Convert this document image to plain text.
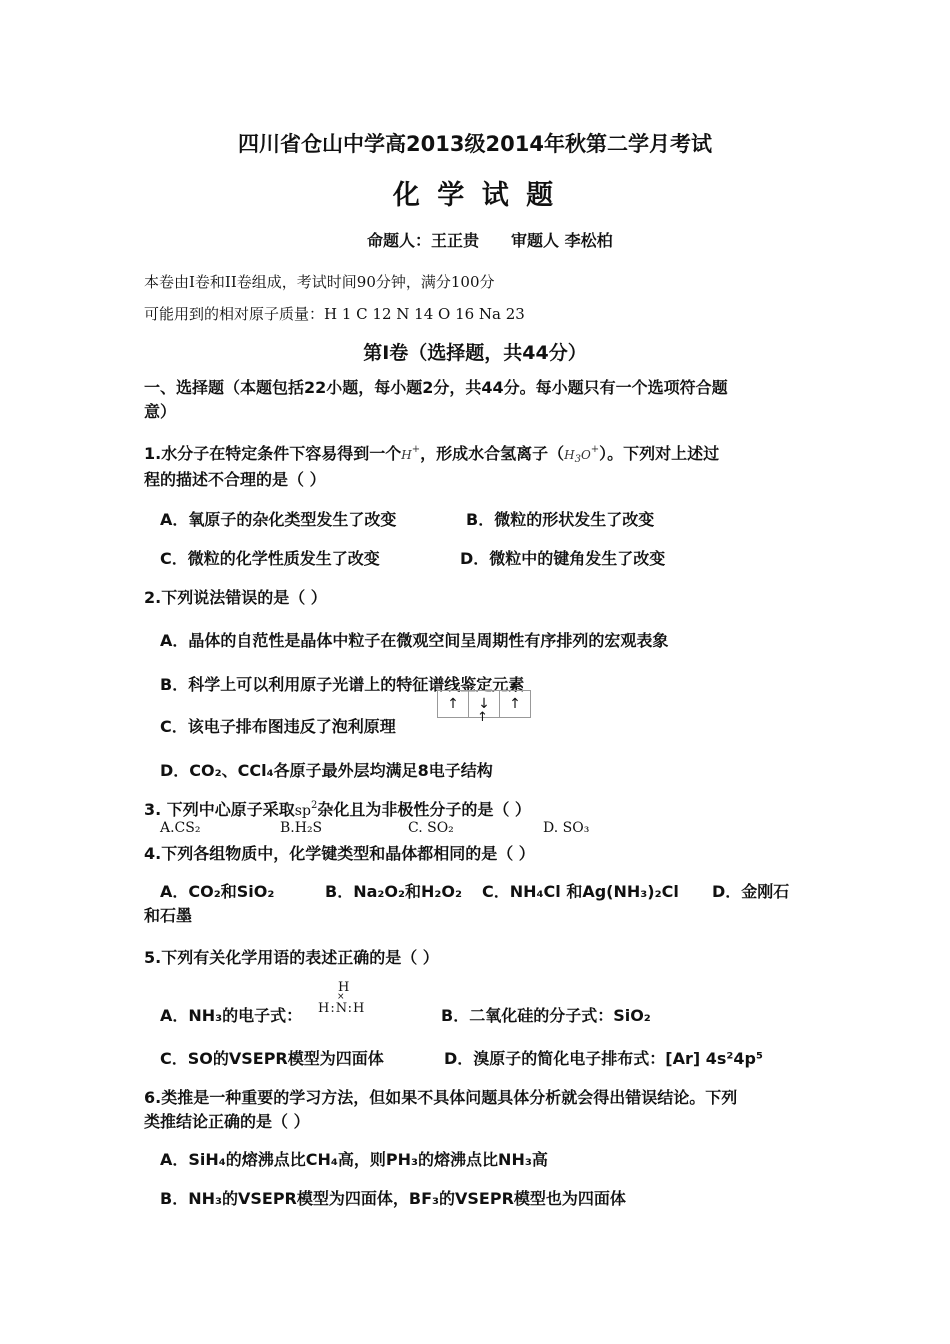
四川省仓山中学高2013级2014年秋第二学月考试
化 学 试 题
命题人：王正贵　　审题人 李松柏
本卷由Ⅰ卷和II卷组成，考试时间90分钟，满分100分
可能用到的相对原子质量：H 1 C 12 N 14 O 16 Na 23
第Ⅰ卷（选择题，共44分）
一、选择题（本题包括22小题，每小题2分，共44分。每小题只有一个选项符合题
意）
1.水分子在特定条件下容易得到一个H+，形成水合氢离子$(H_3O^+)$。下列对上述过
程的描述不合理的是（ ）
A．氧原子的杂化类型发生了改变	B．微粒的形状发生了改变
C．微粒的化学性质发生了改变	D．微粒中的键角发生了改变
2.下列说法错误的是（ ）
A．晶体的自范性是晶体中粒子在微观空间呈周期性有序排列的宏观表象
B．科学上可以利用原子光谱上的特征谱线鉴定元素
C．该电子排布图违反了泡利原理
↑ ↓
↑
↑
D．CO₂、CCl₄各原子最外层均满足8电子结构
3. 下列中心原子采取$sp^2$杂化且为非极性分子的是（ ）
A.CS₂	B.H₂S	C. SO₂	D. SO₃
4.下列各组物质中，化学键类型和晶体都相同的是（ ）
A．CO₂和SiO₂	B．Na₂O₂和H₂O₂ C．NH₄Cl 和Ag(NH₃)₂Cl D．金刚石
和石墨
5.下列有关化学用语的表述正确的是（ ）
A．NH₃的电子式：
H
×
H:N:H	B．二氧化硅的分子式：SiO₂
C．SO的VSEPR模型为四面体	D．溴原子的简化电子排布式：[Ar] 4s²4p⁵
6.类推是一种重要的学习方法，但如果不具体问题具体分析就会得出错误结论。下列
类推结论正确的是（ ）
A．SiH₄的熔沸点比CH₄高，则PH₃的熔沸点比NH₃高
B．NH₃的VSEPR模型为四面体，BF₃的VSEPR模型也为四面体
